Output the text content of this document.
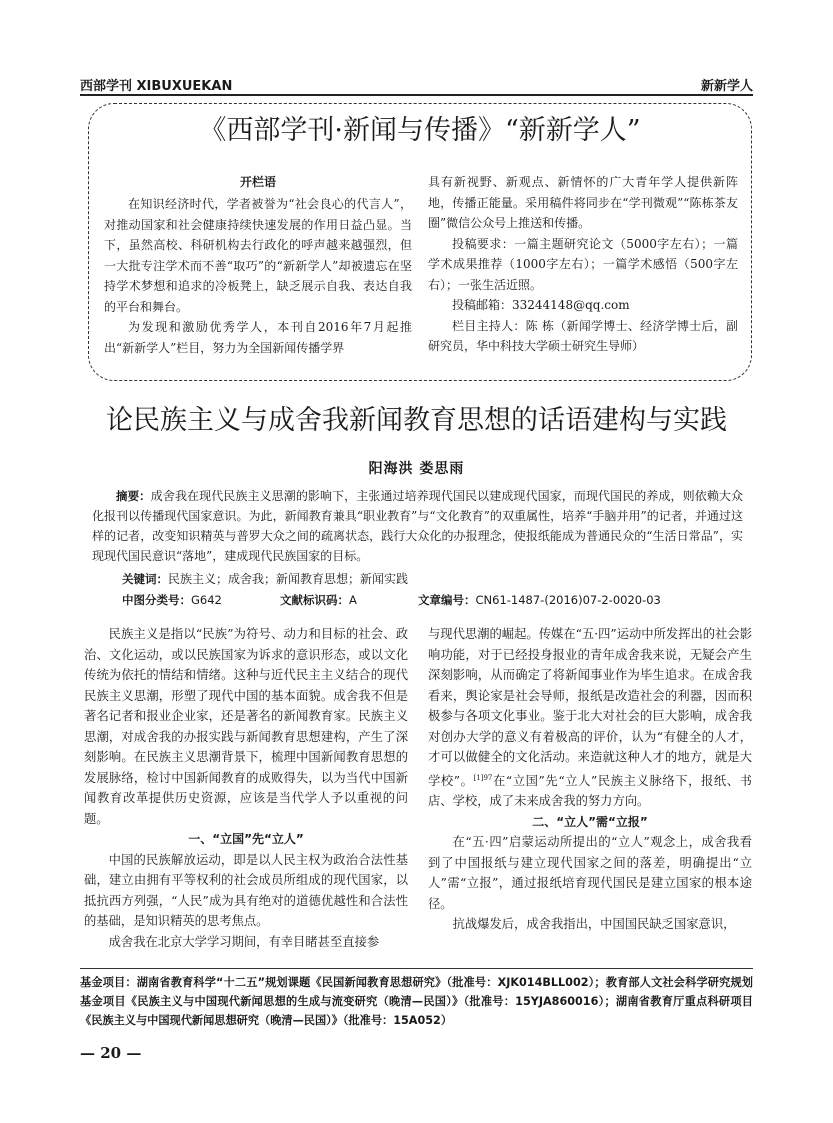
西部学刊 XIBUXUEKAN	新新学人
《西部学刊·新闻与传播》“新新学人”
开栏语

在知识经济时代，学者被誉为“社会良心的代言人”，对推动国家和社会健康持续快速发展的作用日益凸显。当下，虽然高校、科研机构去行政化的呼声越来越强烈，但一大批专注学术而不善“取巧”的“新新学人”却被遗忘在坚持学术梦想和追求的冷板凳上，缺乏展示自我、表达自我的平台和舞台。

为发现和激励优秀学人，本刊自2016年7月起推出“新新学人”栏目，努力为全国新闻传播学界

具有新视野、新观点、新情怀的广大青年学人提供新阵地，传播正能量。采用稿件将同步在“学刊微观”“陈栋茶友圈”微信公众号上推送和传播。

投稿要求：一篇主题研究论文（5000字左右）；一篇学术成果推荐（1000字左右）；一篇学术感悟（500字左右）；一张生活近照。

投稿邮箱：33244148@qq.com

栏目主持人：陈 栋（新闻学博士、经济学博士后，副研究员，华中科技大学硕士研究生导师）

论民族主义与成舍我新闻教育思想的话语建构与实践
阳海洪 娄思雨
摘要：成舍我在现代民族主义思潮的影响下，主张通过培养现代国民以建成现代国家，而现代国民的养成，则依赖大众化报刊以传播现代国家意识。为此，新闻教育兼具“职业教育”与“文化教育”的双重属性，培养“手脑并用”的记者，并通过这样的记者，改变知识精英与普罗大众之间的疏离状态，践行大众化的办报理念，使报纸能成为普通民众的“生活日常品”，实现现代国民意识“落地”，建成现代民族国家的目标。
关键词：民族主义；成舍我；新闻教育思想；新闻实践
中图分类号：G642	文献标识码：A	文章编号：CN61-1487-(2016)07-2-0020-03

民族主义是指以“民族”为符号、动力和目标的社会、政治、文化运动，或以民族国家为诉求的意识形态，或以文化传统为依托的情结和情绪。这种与近代民主主义结合的现代民族主义思潮，形塑了现代中国的基本面貌。成舍我不但是著名记者和报业企业家，还是著名的新闻教育家。民族主义思潮，对成舍我的办报实践与新闻教育思想建构，产生了深刻影响。在民族主义思潮背景下，梳理中国新闻教育思想的发展脉络，检讨中国新闻教育的成败得失，以为当代中国新闻教育改革提供历史资源，应该是当代学人予以重视的问题。

一、“立国”先“立人”

中国的民族解放运动，即是以人民主权为政治合法性基础，建立由拥有平等权利的社会成员所组成的现代国家，以抵抗西方列强，“人民”成为具有绝对的道德优越性和合法性的基础，是知识精英的思考焦点。

成舍我在北京大学学习期间，有幸目睹甚至直接参

与现代思潮的崛起。传媒在“五·四”运动中所发挥出的社会影响功能，对于已经投身报业的青年成舍我来说，无疑会产生深刻影响，从而确定了将新闻事业作为毕生追求。在成舍我看来，舆论家是社会导师，报纸是改造社会的利器，因而积极参与各项文化事业。鉴于北大对社会的巨大影响，成舍我对创办大学的意义有着极高的评价，认为“有健全的人才，才可以做健全的文化活动。来造就这种人才的地方，就是大学校”。$^{[1]97}$在“立国”先“立人”民族主义脉络下，报纸、书店、学校，成了未来成舍我的努力方向。

二、“立人”需“立报”

在“五·四”启蒙运动所提出的“立人”观念上，成舍我看到了中国报纸与建立现代国家之间的落差，明确提出“立人”需“立报”，通过报纸培育现代国民是建立国家的根本途径。

抗战爆发后，成舍我指出，中国国民缺乏国家意识，

基金项目：湖南省教育科学“十二五”规划课题《民国新闻教育思想研究》（批准号：XJK014BLL002）；教育部人文社会科学研究规划基金项目《民族主义与中国现代新闻思想的生成与流变研究（晚清—民国）》（批准号：15YJA860016）；湖南省教育厅重点科研项目《民族主义与中国现代新闻思想研究（晚清—民国）》（批准号：15A052）
— 20 —
